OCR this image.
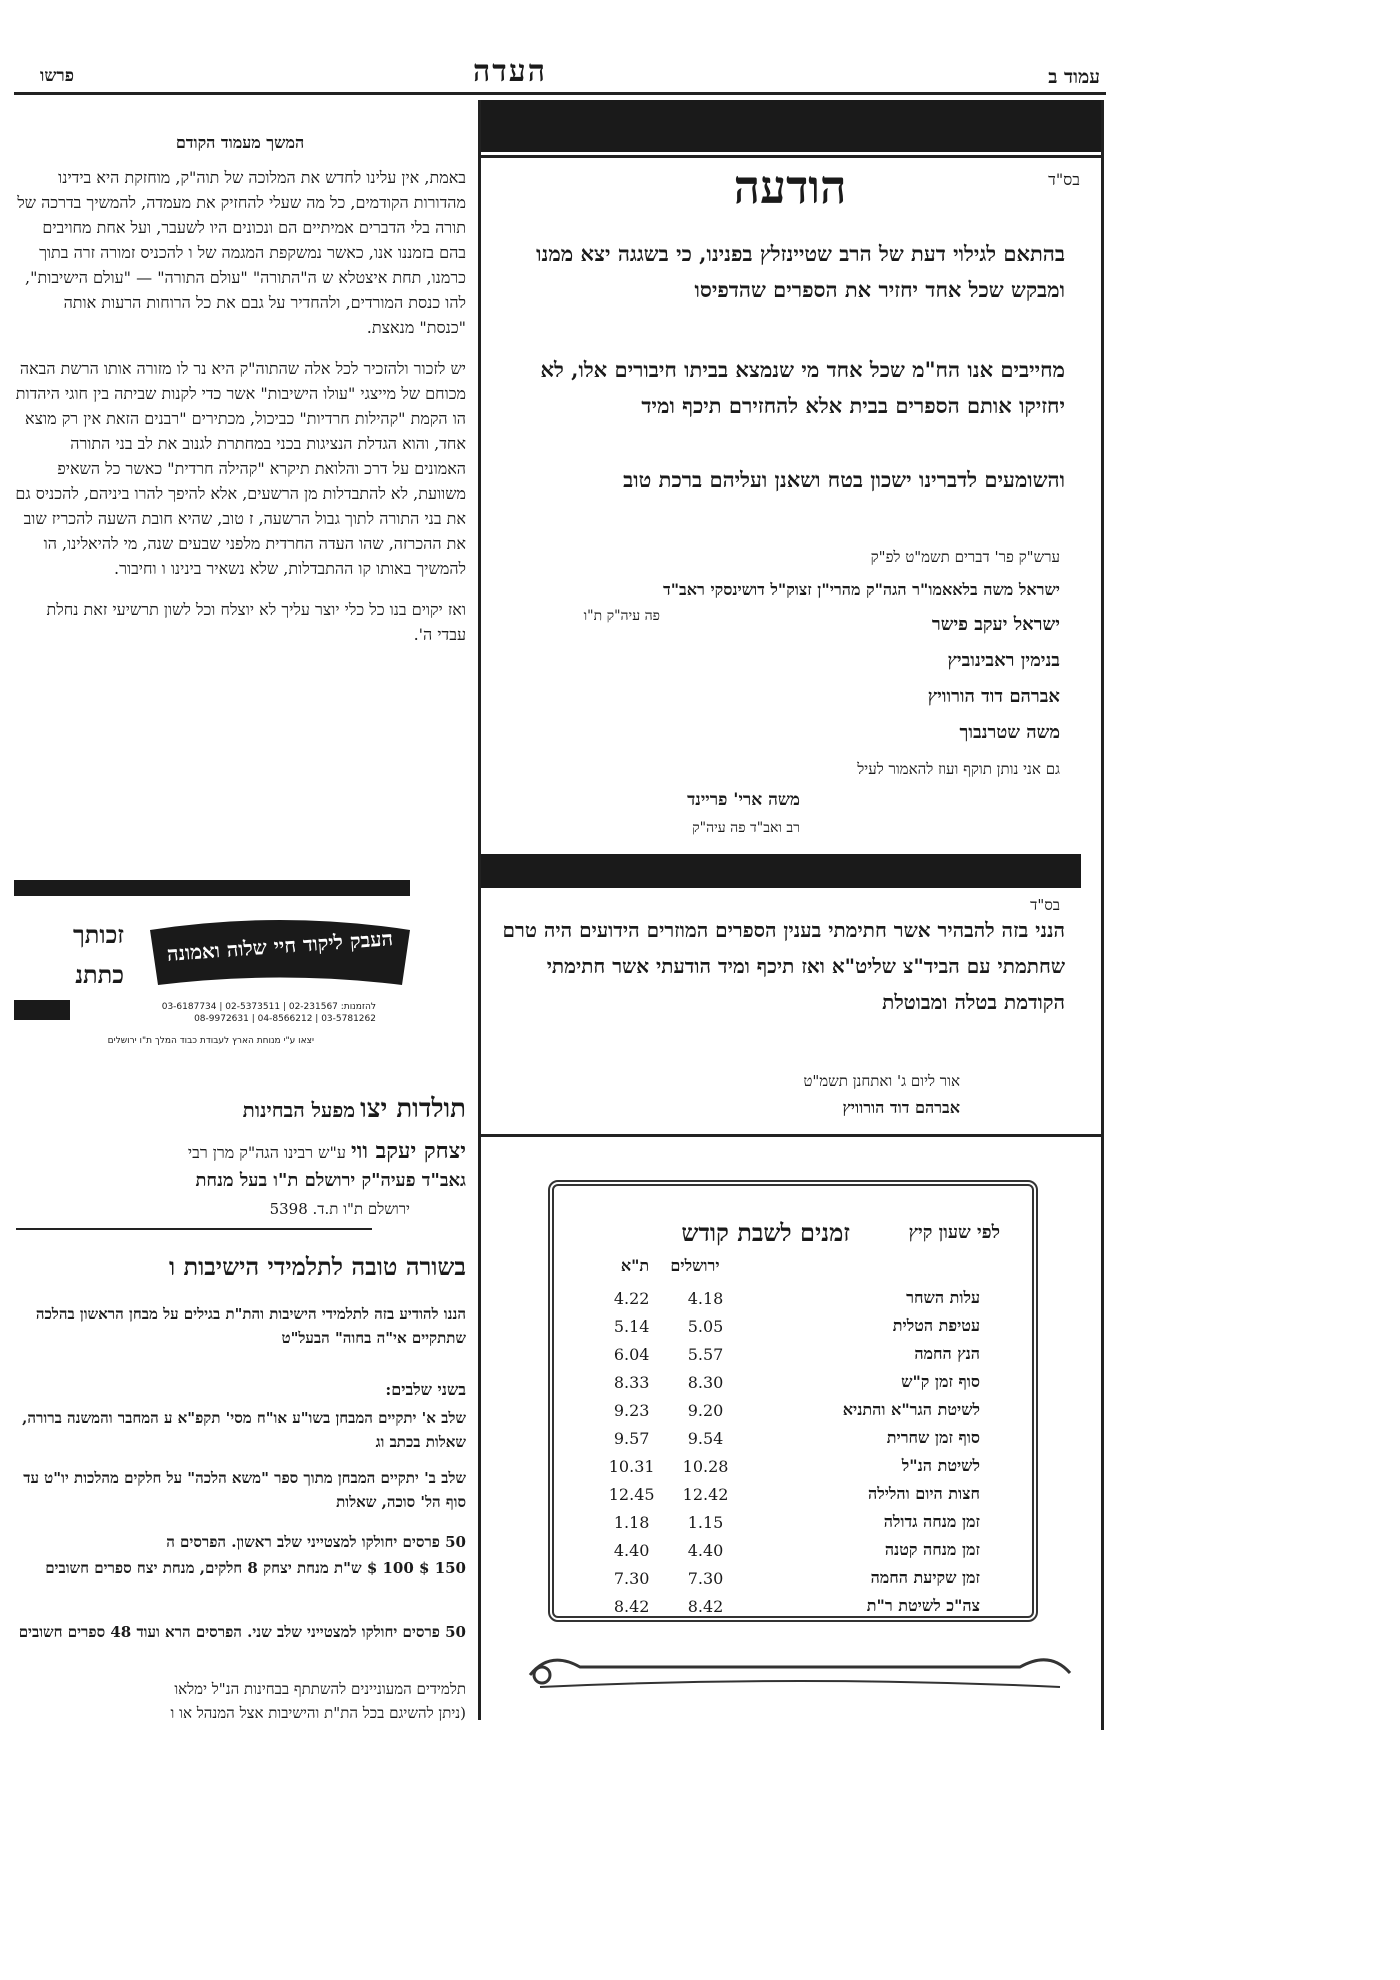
עמוד ב
העדה
פרשו
המשך מעמוד הקודם

באמת, אין עלינו לחדש את המלוכה של תוה"ק, מוחזקת היא בידינו מהדורות הקודמים, כל מה שעלי להחזיק את מעמדה, להמשיך בדרכה של תורה בלי הדברים אמיתיים הם ונכונים היו לשעבר, ועל אחת מחויבים בהם בזמננו אנו, כאשר נמשקפת המגמה של ו להכניס זמורה זרה בתוך כרמנו, תחת איצטלא ש ה"התורה" "עולם התורה" — "עולם הישיבות", להו כנסת המורדים, ולהחדיר על גבם את כל הרוחות הרעות אותה "כנסת" מנאצת.

יש לזכור ולהזכיר לכל אלה שהתוה"ק היא נר לו מזורה אותו הרשת הבאה מכוחם של מייצגי "עולו הישיבות" אשר כדי לקנות שביתה בין חוגי היהדות הו הקמת "קהילות חרדיות" כביכול, מכתירים "רבנים הזאת אין רק מוצא אחד, והוא הגדלת הנציגות בכני במחתרת לגנוב את לב בני התורה האמונים על דרכ והלואת תיקרא "קהילה חרדית" כאשר כל השאיפ משוועת, לא להתבדלות מן הרשעים, אלא להיפך להרו ביניהם, להכניס גם את בני התורה לתוך גבול הרשעה, ז טוב, שהיא חובת השעה להכריז שוב את ההכרזה, שהו העדה החרדית מלפני שבעים שנה, מי להיאלינו, הו להמשיך באותו קו ההתבדלות, שלא נשאיר בינינו ו וחיבור.

ואז יקוים בנו כל כלי יוצר עליך לא יוצלח וכל לשון תרשיעי זאת נחלת עבדי ה'.

העבק ליקוד חיי שלוה ואמונה
זכותך
כתתנ
להזמנות: 02-231567 | 02-5373511 | 03-6187734
03-5781262 | 04-8566212 | 08-9972631
יצאו ע"י מנוחת הארץ לעבודת כבוד המלך ת"ו ירושלים
תולדות יצו מפעל הבחינות
יצחק יעקב ווי ע"ש רבינו הגה"ק מרן רבי
גאב"ד פעיה"ק ירושלם ת"ו בעל מנחת
ירושלם ת"ו ת.ד. 5398
בשורה טובה לתלמידי הישיבות ו
הננו להודיע בזה לתלמידי הישיבות והת"ת בגילים על מבחן הראשון בהלכה שתתקיים אי"ה בחוה" הבעל"ט
בשני שלבים:
שלב א' יתקיים המבחן בשו"ע או"ח מסי' תקפ"א ע המחבר והמשנה ברורה, שאלות בכתב וג
שלב ב' יתקיים המבחן מתוך ספר "משא הלכה" על חלקים מהלכות יו"ט עד סוף הל' סוכה, שאלות
50 פרסים יחולקו למצטייני שלב ראשון. הפרסים ה
150 $ 100 $ ש"ת מנחת יצחק 8 חלקים, מנחת יצח ספרים חשובים
50 פרסים יחולקו למצטייני שלב שני. הפרסים הרא ועוד 48 ספרים חשובים
תלמידים המעוניינים להשתתף בבחינות הנ"ל ימלאו
(ניתן להשיגם בכל הת"ת והישיבות אצל המנהל או ו
בס"ד
הודעה
בהתאם לגילוי דעת של הרב שטיינזלץ בפנינו, כי בשגגה יצא ממנו ומבקש שכל אחד יחזיר את הספרים שהדפיסו
מחייבים אנו הח"מ שכל אחד מי שנמצא בביתו חיבורים אלו, לא יחזיקו אותם הספרים בבית אלא להחזירם תיכף ומיד
והשומעים לדברינו ישכון בטח ושאנן ועליהם ברכת טוב
ערש"ק פר' דברים תשמ"ט לפ"ק
ישראל משה בלאאמו"ר הגה"ק מהרי"ן זצוק"ל דושינסקי ראב"ד
פה עיה"ק ת"ו	ישראל יעקב פישר
בנימין ראבינוביץ
אברהם דוד הורוויץ
משה שטרנבוך
גם אני נותן תוקף ועוז להאמור לעיל
משה ארי' פריינד
רב ואב"ד פה עיה"ק
בס"ד
הנני בזה להבהיר אשר חתימתי בענין הספרים המוזרים הידועים היה טרם שחתמתי עם הביד"צ שליט"א ואז תיכף ומיד הודעתי אשר חתימתי הקודמת בטלה ומבוטלת
אור ליום ג' ואתחנן תשמ"ט
אברהם דוד הורוויץ
זמנים לשבת קודש	לפי שעון קיץ
ירושלים
ת"א
4.22	4.18	עלות השחר
5.14	5.05	עטיפת הטלית
6.04	5.57	הנץ החמה
8.33	8.30	סוף זמן ק"ש
9.23	9.20	לשיטת הגר"א והתניא
9.57	9.54	סוף זמן שחרית
10.31	10.28	לשיטת הנ"ל
12.45	12.42	חצות היום והלילה
1.18	1.15	זמן מנחה גדולה
4.40	4.40	זמן מנחה קטנה
7.30	7.30	זמן שקיעת החמה
8.42	8.42	צה"כ לשיטת ר"ת
